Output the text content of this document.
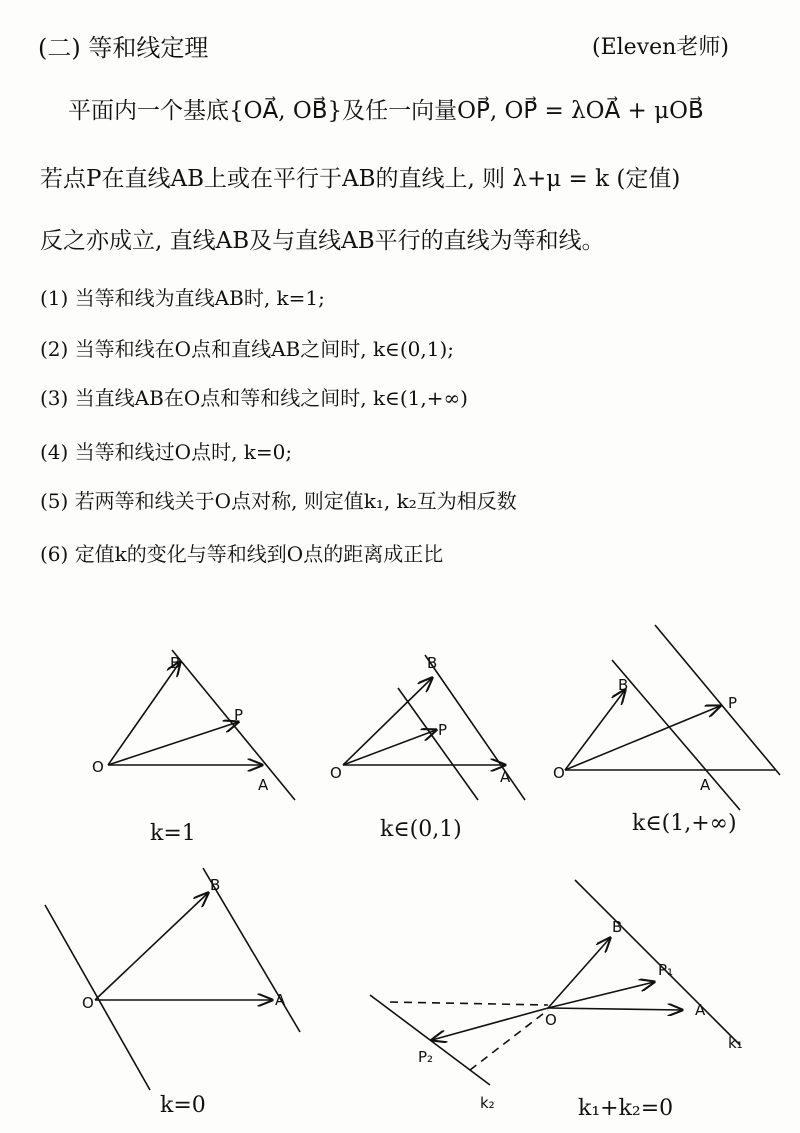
(二) 等和线定理	(Eleven老师)
平面内一个基底{OA⃗, OB⃗}及任一向量OP⃗, OP⃗ = λOA⃗ + μOB⃗
若点P在直线AB上或在平行于AB的直线上, 则 λ+μ = k (定值)
反之亦成立, 直线AB及与直线AB平行的直线为等和线。
(1) 当等和线为直线AB时, k=1;
(2) 当等和线在O点和直线AB之间时, k∈(0,1);
(3) 当直线AB在O点和等和线之间时, k∈(1,+∞)
(4) 当等和线过O点时, k=0;
(5) 若两等和线关于O点对称, 则定值k₁, k₂互为相反数
(6) 定值k的变化与等和线到O点的距离成正比
O
A
B
P
k=1
O	A
B
P
k∈(0,1)
O
A
B
P
k∈(1,+∞)
O	A
B
k=0
O
A
B
P₁
P₂
k₁
k₂	k₁+k₂=0
